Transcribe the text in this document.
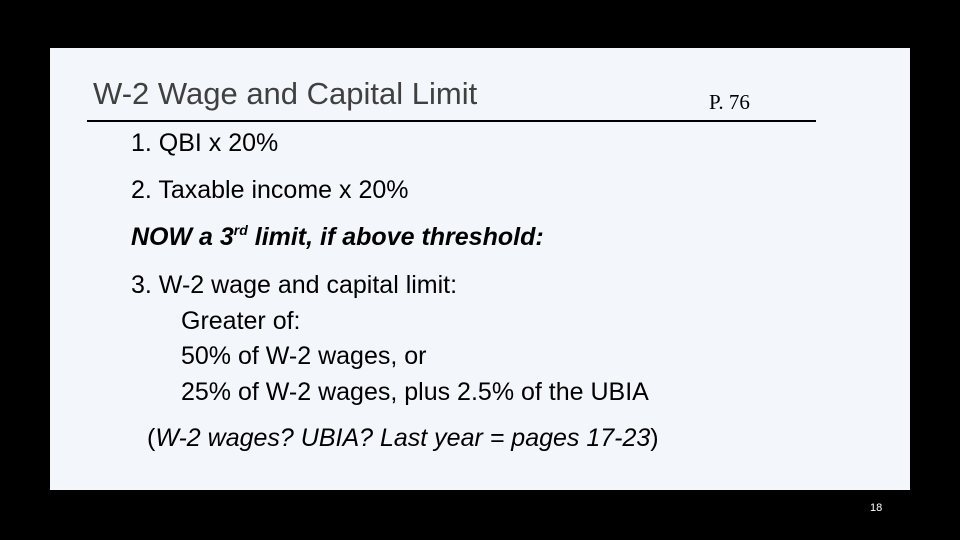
W-2 Wage and Capital Limit	P. 76
1. QBI x 20%
2. Taxable income x 20%
NOW a 3rd limit, if above threshold:
3. W-2 wage and capital limit:
Greater of:
50% of W-2 wages, or
25% of W-2 wages, plus 2.5% of the UBIA
(W-2 wages? UBIA? Last year = pages 17-23)
18
